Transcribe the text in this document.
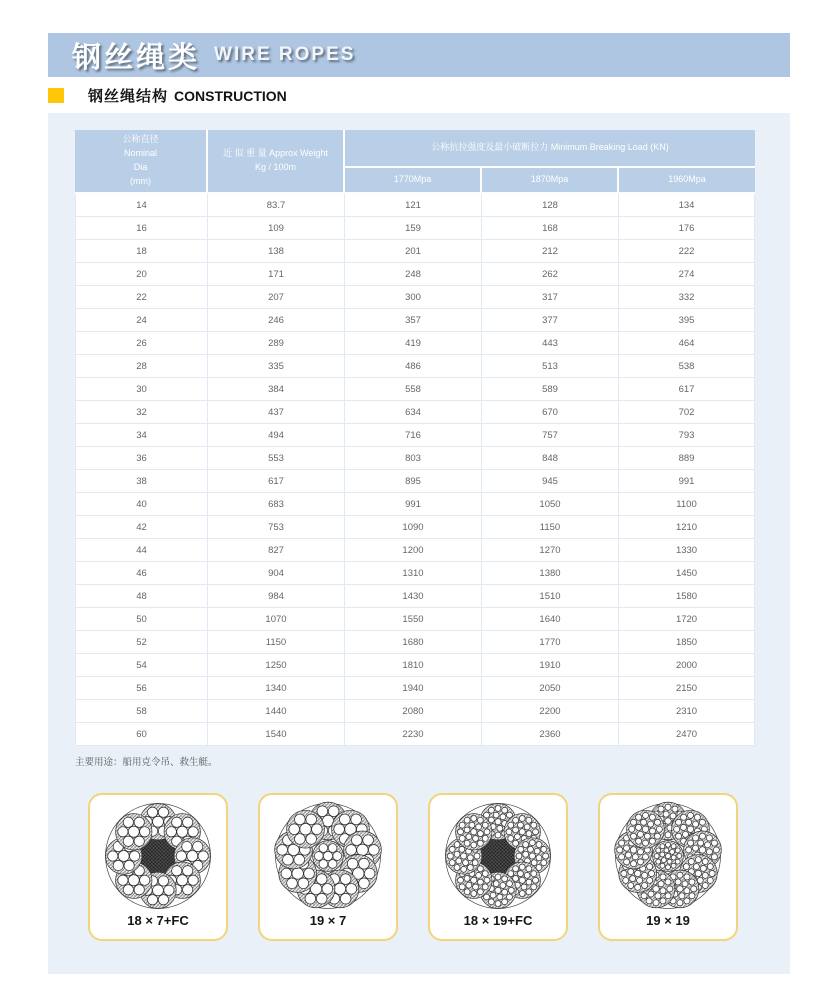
钢丝绳类 WIRE ROPES
钢丝绳结构 CONSTRUCTION
公称直径
Nominal
Dia
(mm)

近 似 重 量 Approx Weight
Kg / 100m
	公称抗拉强度及最小破断拉力 Minimum Breaking Load (KN)
		1770Mpa	1870Mpa	1960Mpa
14	83.7	121	128	134
16	109	159	168	176
18	138	201	212	222
20	171	248	262	274
22	207	300	317	332
24	246	357	377	395
26	289	419	443	464
28	335	486	513	538
30	384	558	589	617
32	437	634	670	702
34	494	716	757	793
36	553	803	848	889
38	617	895	945	991
40	683	991	1050	1100
42	753	1090	1150	1210
44	827	1200	1270	1330
46	904	1310	1380	1450
48	984	1430	1510	1580
50	1070	1550	1640	1720
52	1150	1680	1770	1850
54	1250	1810	1910	2000
56	1340	1940	2050	2150
58	1440	2080	2200	2310
60	1540	2230	2360	2470
主要用途：船用克令吊、救生艇。
18 × 7+FC	19 × 7	18 × 19+FC	19 × 19
